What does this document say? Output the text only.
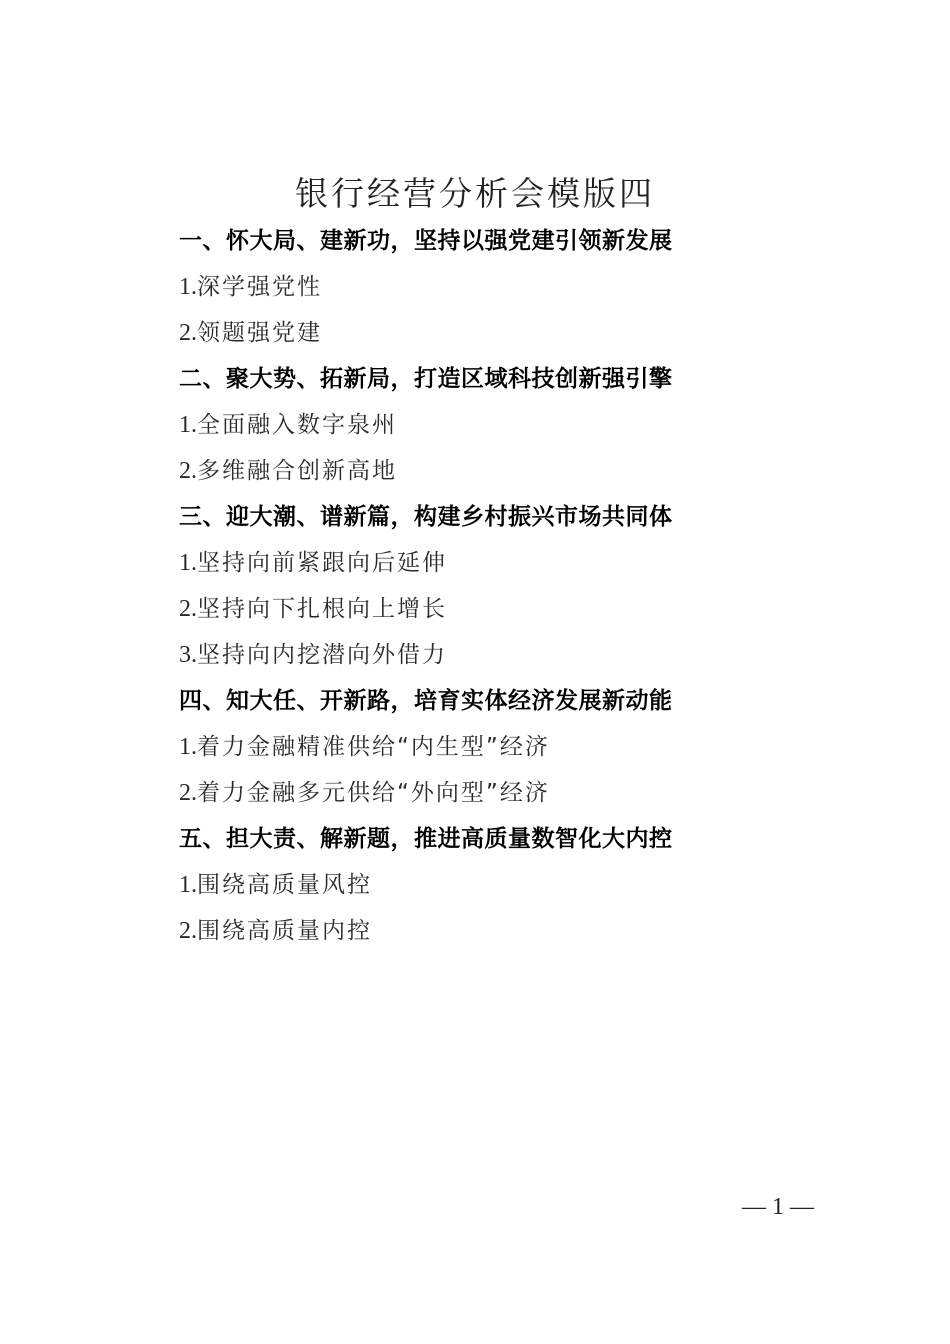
银行经营分析会模版四
一、怀大局、建新功，坚持以强党建引领新发展
1.深学强党性
2.领题强党建
二、聚大势、拓新局，打造区域科技创新强引擎
1.全面融入数字泉州
2.多维融合创新高地
三、迎大潮、谱新篇，构建乡村振兴市场共同体
1.坚持向前紧跟向后延伸
2.坚持向下扎根向上增长
3.坚持向内挖潜向外借力
四、知大任、开新路，培育实体经济发展新动能
1.着力金融精准供给“内生型”经济
2.着力金融多元供给“外向型”经济
五、担大责、解新题，推进高质量数智化大内控
1.围绕高质量风控
2.围绕高质量内控
— 1 —
